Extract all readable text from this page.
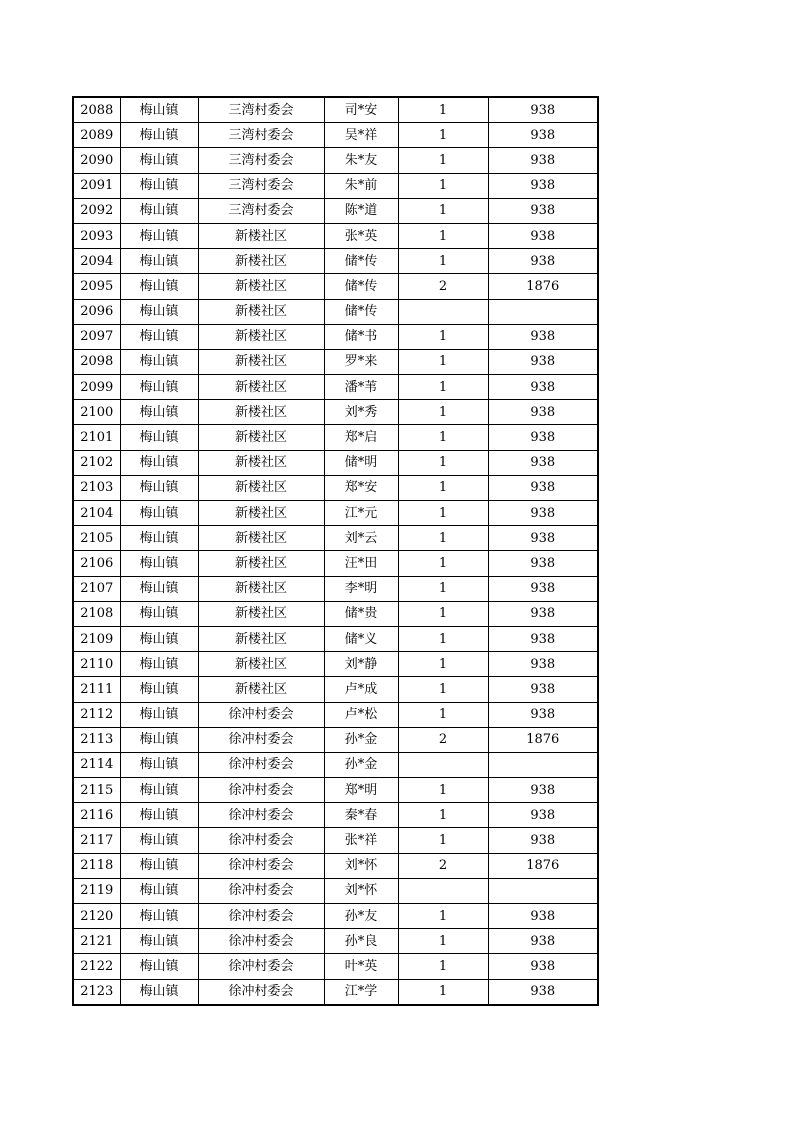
2088	梅山镇	三湾村委会	司*安	1	938
2089	梅山镇	三湾村委会	吴*祥	1	938
2090	梅山镇	三湾村委会	朱*友	1	938
2091	梅山镇	三湾村委会	朱*前	1	938
2092	梅山镇	三湾村委会	陈*道	1	938
2093	梅山镇	新楼社区	张*英	1	938
2094	梅山镇	新楼社区	储*传	1	938
2095	梅山镇	新楼社区	储*传	2	1876
2096	梅山镇	新楼社区	储*传		
2097	梅山镇	新楼社区	储*书	1	938
2098	梅山镇	新楼社区	罗*来	1	938
2099	梅山镇	新楼社区	潘*苇	1	938
2100	梅山镇	新楼社区	刘*秀	1	938
2101	梅山镇	新楼社区	郑*启	1	938
2102	梅山镇	新楼社区	储*明	1	938
2103	梅山镇	新楼社区	郑*安	1	938
2104	梅山镇	新楼社区	江*元	1	938
2105	梅山镇	新楼社区	刘*云	1	938
2106	梅山镇	新楼社区	汪*田	1	938
2107	梅山镇	新楼社区	李*明	1	938
2108	梅山镇	新楼社区	储*贵	1	938
2109	梅山镇	新楼社区	储*义	1	938
2110	梅山镇	新楼社区	刘*静	1	938
2111	梅山镇	新楼社区	卢*成	1	938
2112	梅山镇	徐冲村委会	卢*松	1	938
2113	梅山镇	徐冲村委会	孙*金	2	1876
2114	梅山镇	徐冲村委会	孙*金		
2115	梅山镇	徐冲村委会	郑*明	1	938
2116	梅山镇	徐冲村委会	秦*春	1	938
2117	梅山镇	徐冲村委会	张*祥	1	938
2118	梅山镇	徐冲村委会	刘*怀	2	1876
2119	梅山镇	徐冲村委会	刘*怀		
2120	梅山镇	徐冲村委会	孙*友	1	938
2121	梅山镇	徐冲村委会	孙*良	1	938
2122	梅山镇	徐冲村委会	叶*英	1	938
2123	梅山镇	徐冲村委会	江*学	1	938
